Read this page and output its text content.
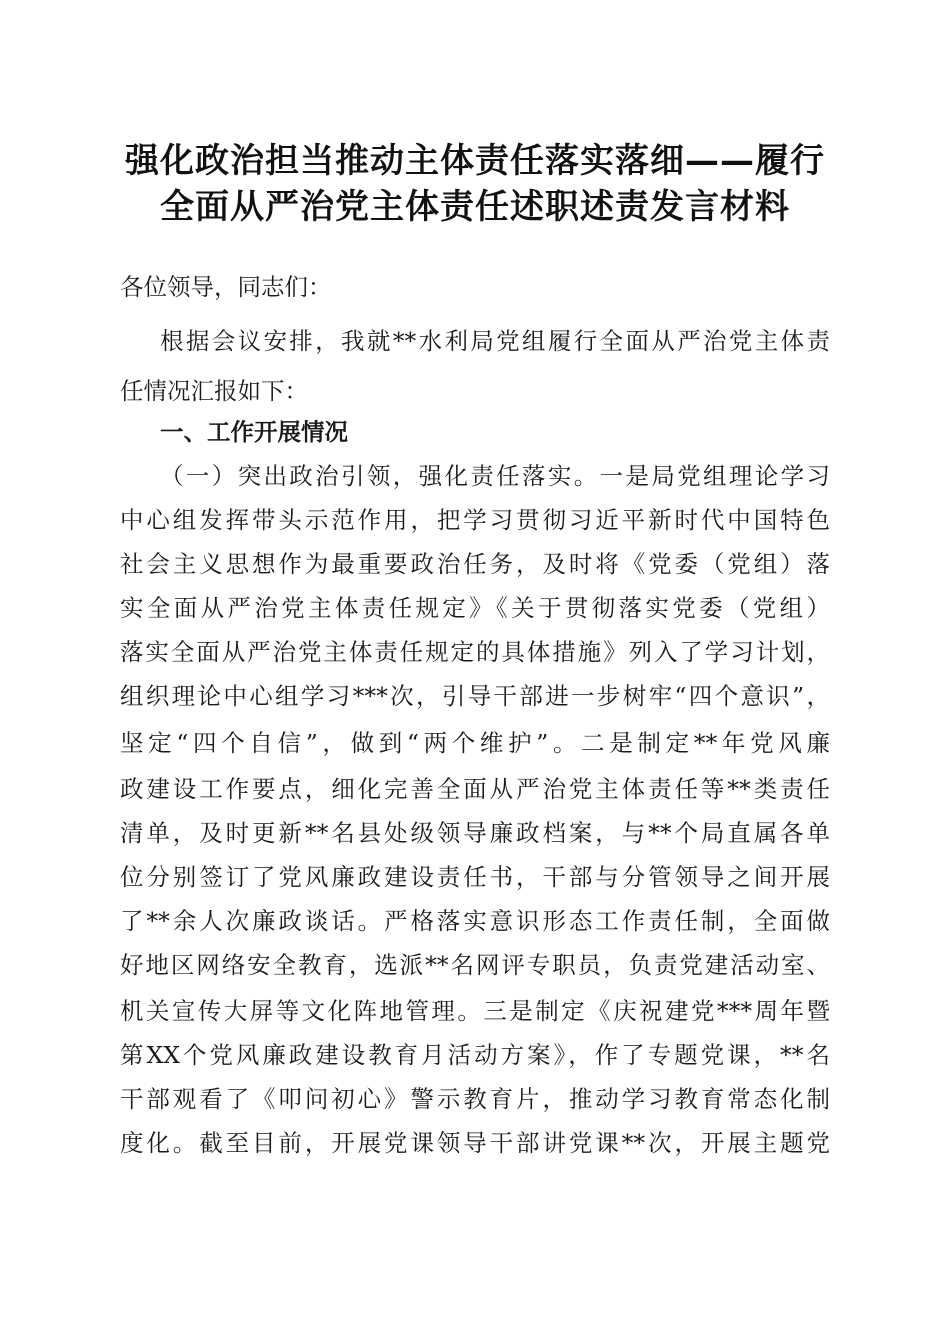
强化政治担当推动主体责任落实落细——履行
全面从严治党主体责任述职述责发言材料

各位领导，同志们：

根据会议安排，我就**水利局党组履行全面从严治党主体责

任情况汇报如下：

一、工作开展情况

（一）突出政治引领，强化责任落实。一是局党组理论学习

中心组发挥带头示范作用，把学习贯彻习近平新时代中国特色

社会主义思想作为最重要政治任务，及时将《党委（党组）落

实全面从严治党主体责任规定》《关于贯彻落实党委（党组）

落实全面从严治党主体责任规定的具体措施》列入了学习计划，

组织理论中心组学习***次，引导干部进一步树牢“四个意识”，

坚定“四个自信”，做到“两个维护”。二是制定**年党风廉

政建设工作要点，细化完善全面从严治党主体责任等**类责任

清单，及时更新**名县处级领导廉政档案，与**个局直属各单

位分别签订了党风廉政建设责任书，干部与分管领导之间开展

了**余人次廉政谈话。严格落实意识形态工作责任制，全面做

好地区网络安全教育，选派**名网评专职员，负责党建活动室、

机关宣传大屏等文化阵地管理。三是制定《庆祝建党***周年暨

第XX个党风廉政建设教育月活动方案》，作了专题党课，**名

干部观看了《叩问初心》警示教育片，推动学习教育常态化制

度化。截至目前，开展党课领导干部讲党课**次，开展主题党
